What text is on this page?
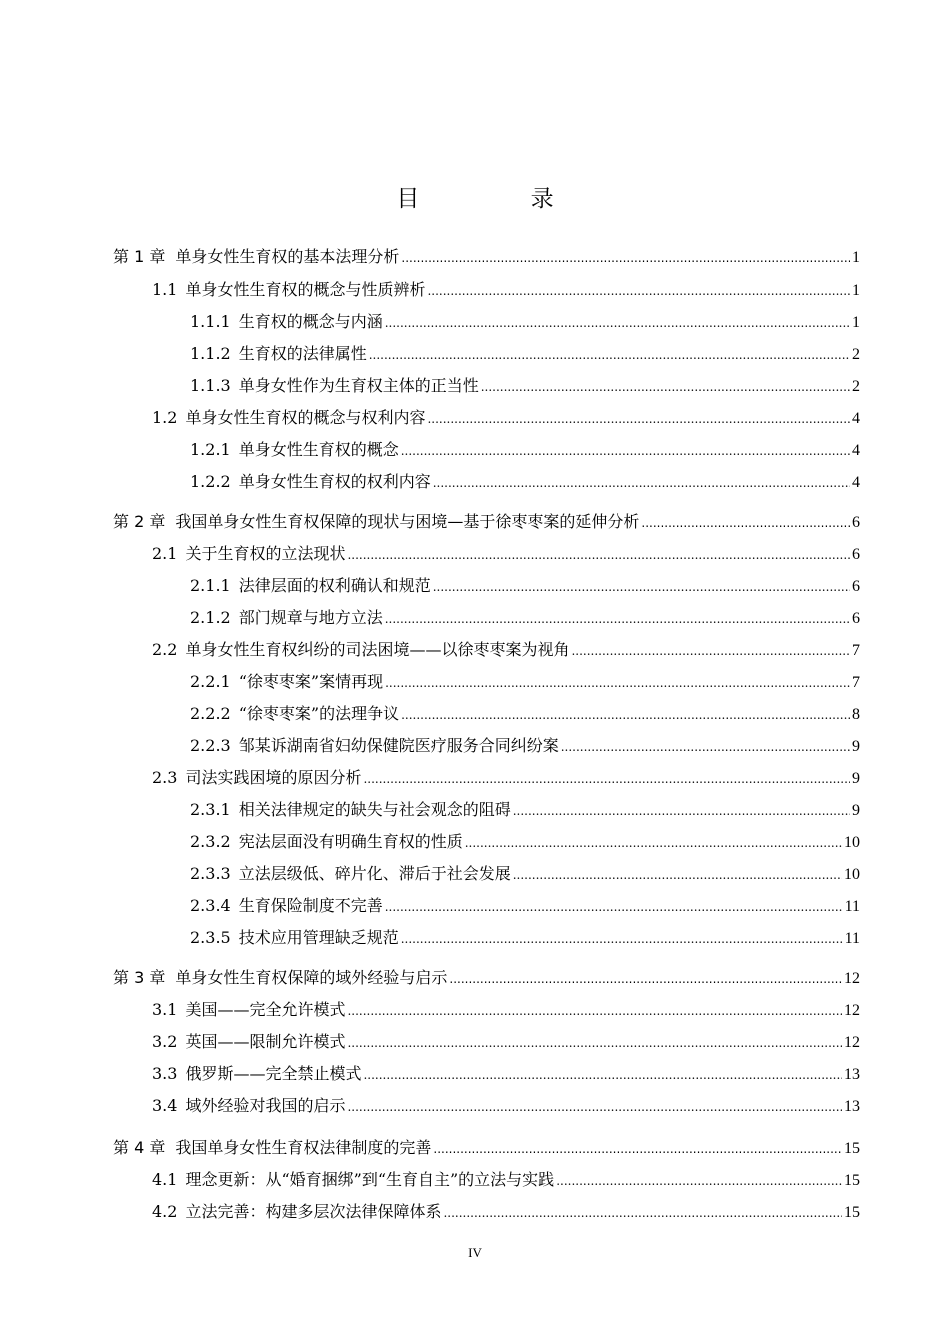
目 录
第 1 章 单身女性生育权的基本法理分析 .....	1
1.1 单身女性生育权的概念与性质辨析 .....	1
1.1.1 生育权的概念与内涵 .....	1
1.1.2 生育权的法律属性 .....	2
1.1.3 单身女性作为生育权主体的正当性 .....	2
1.2 单身女性生育权的概念与权利内容 .....	4
1.2.1 单身女性生育权的概念 .....	4
1.2.2 单身女性生育权的权利内容 .....	4
第 2 章 我国单身女性生育权保障的现状与困境—基于徐枣枣案的延伸分析 .....	6
2.1 关于生育权的立法现状 .....	6
2.1.1 法律层面的权利确认和规范 .....	6
2.1.2 部门规章与地方立法 .....	6
2.2 单身女性生育权纠纷的司法困境——以徐枣枣案为视角 .....	7
2.2.1 “徐枣枣案”案情再现 .....	7
2.2.2 “徐枣枣案”的法理争议 .....	8
2.2.3 邹某诉湖南省妇幼保健院医疗服务合同纠纷案 .....	9
2.3 司法实践困境的原因分析 .....	9
2.3.1 相关法律规定的缺失与社会观念的阻碍 .....	9
2.3.2 宪法层面没有明确生育权的性质 .....	10
2.3.3 立法层级低、碎片化、滞后于社会发展 .....	10
2.3.4 生育保险制度不完善 .....	11
2.3.5 技术应用管理缺乏规范 .....	11
第 3 章 单身女性生育权保障的域外经验与启示 .....	12
3.1 美国——完全允许模式 .....	12
3.2 英国——限制允许模式 .....	12
3.3 俄罗斯——完全禁止模式 .....	13
3.4 域外经验对我国的启示 .....	13
第 4 章 我国单身女性生育权法律制度的完善 .....	15
4.1 理念更新：从“婚育捆绑”到“生育自主”的立法与实践 .....	15
4.2 立法完善：构建多层次法律保障体系 .....	15
IV
